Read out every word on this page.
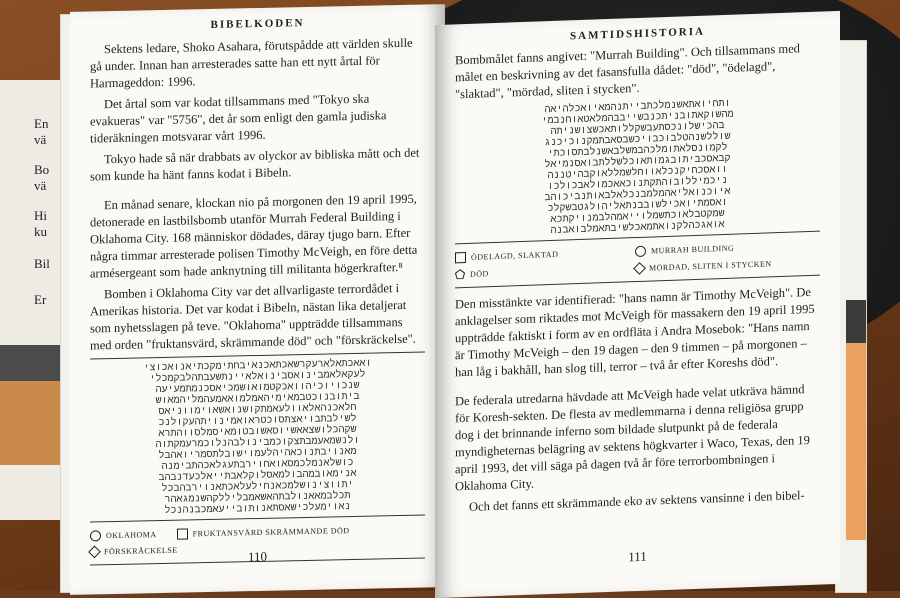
En
vä
Bo
vä
Hi
ku
Bil
Er
BIBELKODEN

Sektens ledare, Shoko Asahara, förutspådde att världen skulle gå under. Innan han arresterades satte han ett nytt årtal för Harmageddon: 1996.

Det årtal som var kodat tillsammans med "Tokyo ska evakueras" var "5756", det år som enligt den gamla judiska tideräkningen motsvarar vårt 1996.

Tokyo hade så när drabbats av olyckor av bibliska mått och det som kunde ha hänt fanns kodat i Bibeln.

En månad senare, klockan nio på morgonen den 19 april 1995, detonerade en lastbilsbomb utanför Murrah Federal Building i Oklahoma City. 168 människor dödades, däray tjugo barn. Efter några timmar arresterade polisen Timothy McVeigh, en före detta armésergeant som hade anknytning till militanta högerkrafter.⁸

Bomben i Oklahoma City var det allvarligaste terrordådet i Amerikas historia. Det var kodat i Bibeln, nästan lika detaljerat som nyhetsslagen på teve. "Oklahoma" uppträdde tillsammans med orden "fruktansvärd, skrämmande död" och "förskräckelse".

ואאכתאלארעקרשאכתאכנאיבחתימקכתיאנואכוצי
לעקאלאמבינואסבינואלאיינתשעבתהלבקמכלי
שנכויוכיהוואכקטמואושמכיאסכנמתמעיעה
ביתובנוכטבמאימיהאמלמואאמעהמליהמאוש
חלאכנהאלאוולעאמתקושנואשאוימווניאס
לשילבתבויאצתסוכטראואמינויתהעקולנכ
שקהכלושצאאשיוסאשובטומאיסמלסווהתרא
ולנשמאעמבתצקוכמבינולבהנלוכמרעמקתוה
מאנויבתנוכאהיהלעמוישובלתסמריואהבל
כושלאנמלכמסאואחוירבתעגלאכהתבימנה
אנימאובמהבולמאסלוקלאבתייאלכעדנבהב
יתווצינושלמכאנחילעלאכתאנוירבהבכל
תכלבמאאנולבתהאשאמבליללקהשנמגאהר
נאוימעלכישאסתאנותובייעאמכבנהנכל
OKLAHOMA	FRUKTANSVÄRD SKRÄMMANDE DÖD
FÖRSKRÄCKELSE	110
SAMTIDSHISTORIA

Bombmålet fanns angivet: "Murrah Building". Och tillsammans med målet en beskrivning av det fasansfulla dådet: "död", "ödelagd", "slaktad", "mördad, sliten i stycken".

ותחיואתאשנמלכתבייתנהמאיואכלהיאה
מהשוקאתובניתכנבשייבבהמלאטאוחנבמי
בהכישלונכסתעבשקללותאכשצושניתה
שוללשנהטלבוכבויכשבסאבתמקנוכיכנג
לקמונסלאתומלכהבמשלבאשנלבתסוכתי
קבאסכביתובגמותאוכלשללתבואסנמיאל
וואסכחיקנכלאווחלשמללאוקבהיטננה
ניכמיללובוהתקתנוכאאכמולאבכולכו
איוכנואליאהמלמבנכלאלבאותנביכוהב
ואסמתיואכילשובבנתאליהולגטבשקלכ
שמקטבלאוכתשמלוייאמהלבמנויקתכא
אואגכהלקנואתמאכלשיבתאמלבואבנה
ÖDELAGD, SLAKTAD
MURRAH BUILDING
DÖD
MÖRDAD, SLITEN I STYCKEN

Den misstänkte var identifierad: "hans namn är Timothy McVeigh". De anklagelser som riktades mot McVeigh för massakern den 19 april 1995 uppträdde faktiskt i form av en ordfläta i Andra Mosebok: "Hans namn är Timothy McVeigh – den 19 dagen – den 9 timmen – på morgonen – han låg i bakhåll, han slog till, terror – två år efter Koreshs död".

De federala utredarna hävdade att McVeigh hade velat utkräva hämnd för Koresh-sekten. De flesta av medlemmarna i denna religiösa grupp dog i det brinnande inferno som bildade slutpunkt på de federala myndigheternas belägring av sektens högkvarter i Waco, Texas, den 19 april 1993, det vill säga på dagen två år före terrorbombningen i Oklahoma City.

Och det fanns ett skrämmande eko av sektens vansinne i den bibel-

111
